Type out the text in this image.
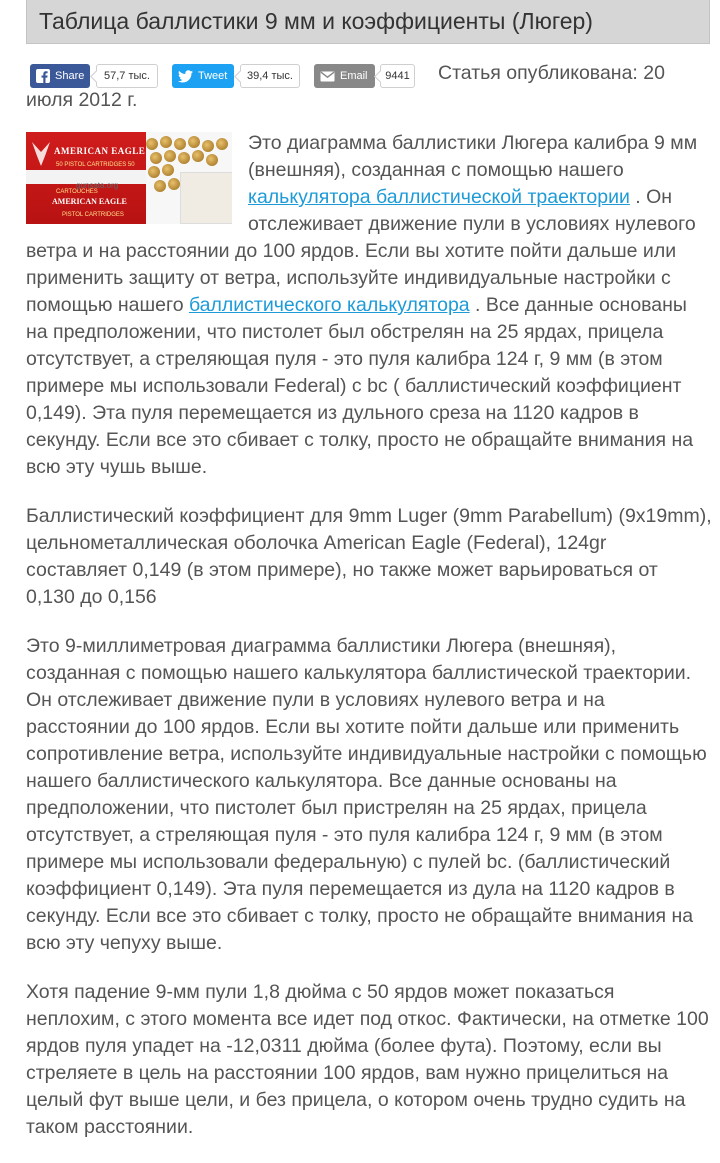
Таблица баллистики 9 мм и коэффициенты (Люгер)
Share	57,7 тыс.	Tweet	39,4 тыс.	Email	9441	Статья опубликована: 20 июля 2012 г.
AMERICAN EAGLE
50 PISTOL CARTRIDGES 50 CARTOUCHES
gunsata.org
AMERICAN EAGLE
PISTOL CARTRIDGES

Это диаграмма баллистики Люгера калибра 9 мм (внешняя), созданная с помощью нашего калькулятора баллистической траектории . Он отслеживает движение пули в условиях нулевого ветра и на расстоянии до 100 ярдов. Если вы хотите пойти дальше или применить защиту от ветра, используйте индивидуальные настройки с помощью нашего баллистического калькулятора . Все данные основаны на предположении, что пистолет был обстрелян на 25 ярдах, прицела отсутствует, а стреляющая пуля - это пуля калибра 124 г, 9 мм (в этом примере мы использовали Federal) с bc ( баллистический коэффициент 0,149). Эта пуля перемещается из дульного среза на 1120 кадров в секунду. Если все это сбивает с толку, просто не обращайте внимания на всю эту чушь выше.

Баллистический коэффициент для 9mm Luger (9mm Parabellum) (9x19mm), цельнометаллическая оболочка American Eagle (Federal), 124gr составляет 0,149 (в этом примере), но также может варьироваться от 0,130 до 0,156

Это 9-миллиметровая диаграмма баллистики Люгера (внешняя), созданная с помощью нашего калькулятора баллистической траектории. Он отслеживает движение пули в условиях нулевого ветра и на расстоянии до 100 ярдов. Если вы хотите пойти дальше или применить сопротивление ветра, используйте индивидуальные настройки с помощью нашего баллистического калькулятора. Все данные основаны на предположении, что пистолет был пристрелян на 25 ярдах, прицела отсутствует, а стреляющая пуля - это пуля калибра 124 г, 9 мм (в этом примере мы использовали федеральную) с пулей bc. (баллистический коэффициент 0,149). Эта пуля перемещается из дула на 1120 кадров в секунду. Если все это сбивает с толку, просто не обращайте внимания на всю эту чепуху выше.

Хотя падение 9-мм пули 1,8 дюйма с 50 ярдов может показаться неплохим, с этого момента все идет под откос. Фактически, на отметке 100 ярдов пуля упадет на -12,0311 дюйма (более фута). Поэтому, если вы стреляете в цель на расстоянии 100 ярдов, вам нужно прицелиться на целый фут выше цели, и без прицела, о котором очень трудно судить на таком расстоянии.
